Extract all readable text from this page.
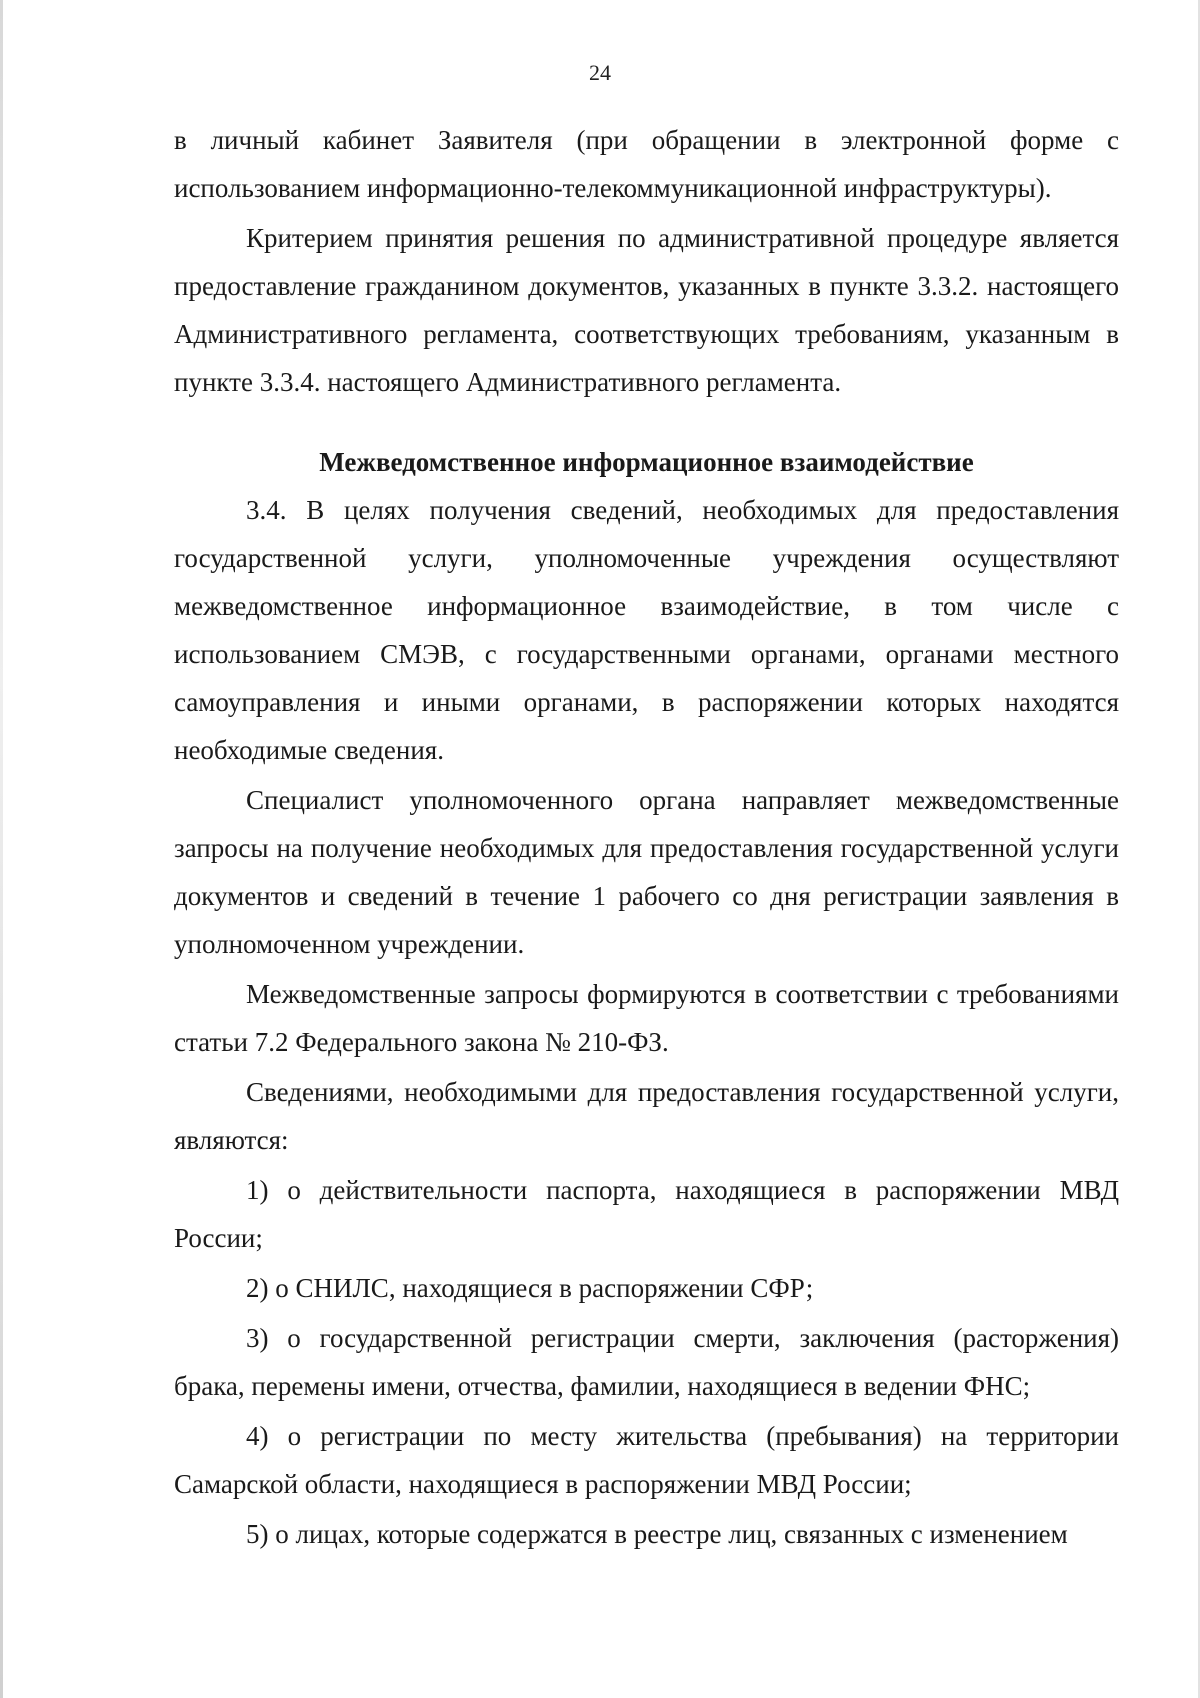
24

в личный кабинет Заявителя (при обращении в электронной форме с использованием информационно-телекоммуникационной инфраструктуры).

Критерием принятия решения по административной процедуре является предоставление гражданином документов, указанных в пункте 3.3.2. настоящего Административного регламента, соответствующих требованиям, указанным в пункте 3.3.4. настоящего Административного регламента.

Межведомственное информационное взаимодействие

3.4. В целях получения сведений, необходимых для предоставления государственной услуги, уполномоченные учреждения осуществляют межведомственное информационное взаимодействие, в том числе с использованием СМЭВ, с государственными органами, органами местного самоуправления и иными органами, в распоряжении которых находятся необходимые сведения.

Специалист уполномоченного органа направляет межведомственные запросы на получение необходимых для предоставления государственной услуги документов и сведений в течение 1 рабочего со дня регистрации заявления в уполномоченном учреждении.

Межведомственные запросы формируются в соответствии с требованиями статьи 7.2 Федерального закона № 210-ФЗ.

Сведениями, необходимыми для предоставления государственной услуги, являются:

1) о действительности паспорта, находящиеся в распоряжении МВД России;

2) о СНИЛС, находящиеся в распоряжении СФР;

3) о государственной регистрации смерти, заключения (расторжения) брака, перемены имени, отчества, фамилии, находящиеся в ведении ФНС;

4) о регистрации по месту жительства (пребывания) на территории Самарской области, находящиеся в распоряжении МВД России;

5) о лицах, которые содержатся в реестре лиц, связанных с изменением
